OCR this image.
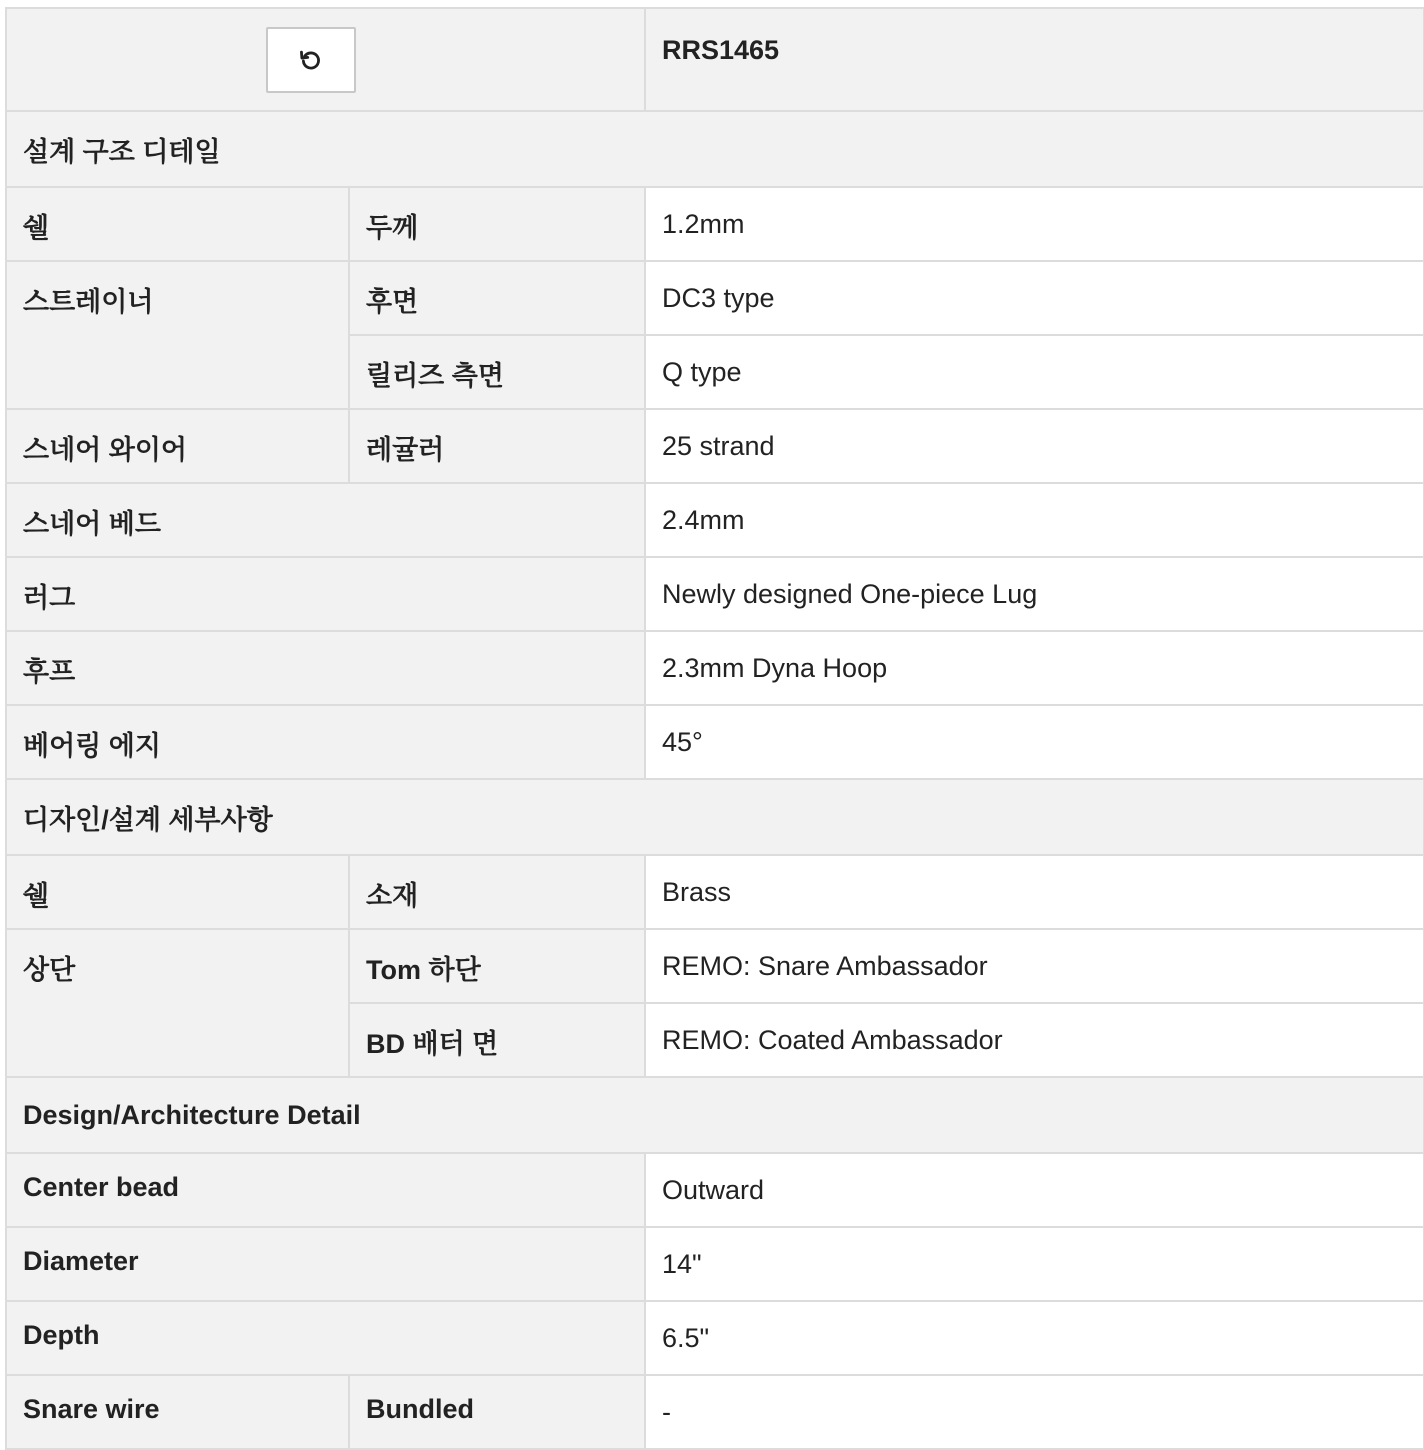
	RRS1465
설계 구조 디테일		
쉘	두께	1.2mm
스트레이너	후면	DC3 type
	릴리즈 측면	Q type
스네어 와이어	레귤러	25 strand
스네어 베드		2.4mm
러그		Newly designed One-piece Lug
후프		2.3mm Dyna Hoop
베어링 에지		45°
디자인/설계 세부사항		
쉘	소재	Brass
상단	Tom 하단	REMO: Snare Ambassador
	BD 배터 면	REMO: Coated Ambassador
Design/Architecture Detail		
Center bead		Outward
Diameter		14"
Depth		6.5"
Snare wire	Bundled	-
